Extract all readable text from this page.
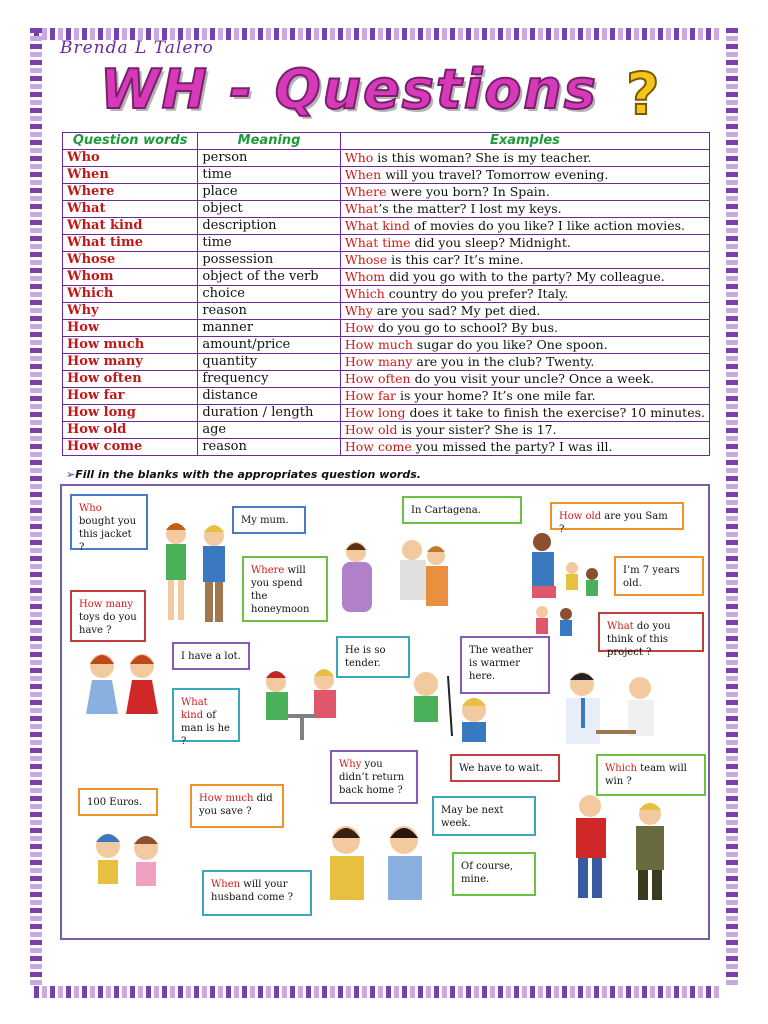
Brenda L Talero
WH - Questions ?
Question words	Meaning	Examples
Who	person	Who is this woman? She is my teacher.
When	time	When will you travel? Tomorrow evening.
Where	place	Where were you born? In Spain.
What	object	What’s the matter? I lost my keys.
What kind	description	What kind of movies do you like? I like action movies.
What time	time	What time did you sleep? Midnight.
Whose	possession	Whose is this car? It’s mine.
Whom	object of the verb	Whom did you go with to the party? My colleague.
Which	choice	Which country do you prefer? Italy.
Why	reason	Why are you sad? My pet died.
How	manner	How do you go to school? By bus.
How much	amount/price	How much sugar do you like? One spoon.
How many	quantity	How many are you in the club? Twenty.
How often	frequency	How often do you visit your uncle? Once a week.
How far	distance	How far is your home? It’s one mile far.
How long	duration / length	How long does it take to finish the exercise? 10 minutes.
How old	age	How old is your sister? She is 17.
How come	reason	How come you missed the party? I was ill.
➢Fill in the blanks with the appropriates question words.
Who bought you this jacket ?
My mum.
In Cartagena.
How old are you Sam ?
Where will you spend the honeymoon
I’m 7 years old.
How many toys do you have ?	What do you think of this project ?
I have a lot.
He is so tender.
The weather is warmer here.
What
kind of man is he ?
Why you didn’t return back home ?
We have to wait.	Which team will win ?
100 Euros.	How much did you save ?	May be next week.
Of course, mine.
When will your husband come ?
